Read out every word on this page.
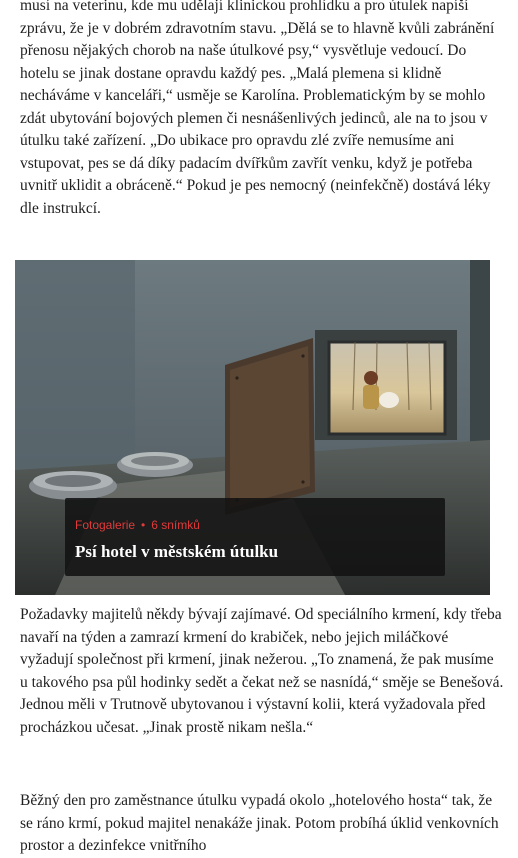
musí na veterinu, kde mu udělají klinickou prohlídku a pro útulek napíší zprávu, že je v dobrém zdravotním stavu. „Dělá se to hlavně kvůli zabránění přenosu nějakých chorob na naše útulkové psy,“ vysvětluje vedoucí. Do hotelu se jinak dostane opravdu každý pes. „Malá plemena si klidně necháváme v kanceláři,“ usměje se Karolína. Problematickým by se mohlo zdát ubytování bojových plemen či nesnášenlivých jedinců, ale na to jsou v útulku také zařízení. „Do ubikace pro opravdu zlé zvíře nemusíme ani vstupovat, pes se dá díky padacím dvířkům zavřít venku, když je potřeba uvnitř uklidit a obráceně.“ Pokud je pes nemocný (neinfekčně) dostává léky dle instrukcí.

Fotogalerie • 6 snímků
Psí hotel v městském útulku

Požadavky majitelů někdy bývají zajímavé. Od speciálního krmení, kdy třeba navaří na týden a zamrazí krmení do krabiček, nebo jejich miláčkové vyžadují společnost při krmení, jinak nežerou. „To znamená, že pak musíme u takového psa půl hodinky sedět a čekat než se nasnídá,“ směje se Benešová. Jednou měli v Trutnově ubytovanou i výstavní kolii, která vyžadovala před procházkou učesat. „Jinak prostě nikam nešla.“

Běžný den pro zaměstnance útulku vypadá okolo „hotelového hosta“ tak, že se ráno krmí, pokud majitel nenakáže jinak. Potom probíhá úklid venkovních prostor a dezinfekce vnitřního
